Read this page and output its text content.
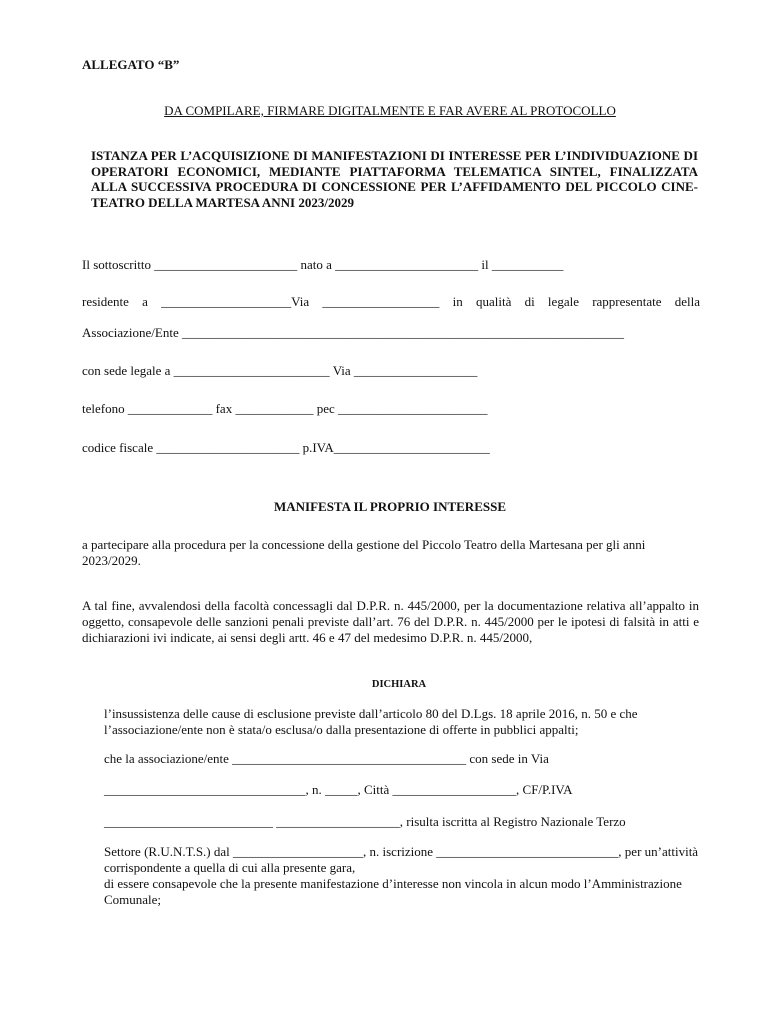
ALLEGATO “B”
DA COMPILARE, FIRMARE DIGITALMENTE E FAR AVERE AL PROTOCOLLO
ISTANZA PER L’ACQUISIZIONE DI MANIFESTAZIONI DI INTERESSE PER L’INDIVIDUAZIONE DI OPERATORI ECONOMICI, MEDIANTE PIATTAFORMA TELEMATICA SINTEL, FINALIZZATA ALLA SUCCESSIVA PROCEDURA DI CONCESSIONE PER L’AFFIDAMENTO DEL PICCOLO CINE-TEATRO DELLA MARTESA ANNI 2023/2029
Il sottoscritto ______________________ nato a ______________________ il ___________
residente a ____________________Via __________________ in qualità di legale rappresentate della
Associazione/Ente ____________________________________________________________________
con sede legale a ________________________ Via ___________________
telefono _____________ fax ____________ pec _______________________
codice fiscale ______________________ p.IVA________________________
MANIFESTA IL PROPRIO INTERESSE
a partecipare alla procedura per la concessione della gestione del Piccolo Teatro della Martesana per gli anni 2023/2029.
A tal fine, avvalendosi della facoltà concessagli dal D.P.R. n. 445/2000, per la documentazione relativa all’appalto in oggetto, consapevole delle sanzioni penali previste dall’art. 76 del D.P.R. n. 445/2000 per le ipotesi di falsità in atti e dichiarazioni ivi indicate, ai sensi degli artt. 46 e 47 del medesimo D.P.R. n. 445/2000,
DICHIARA
l’insussistenza delle cause di esclusione previste dall’articolo 80 del D.Lgs. 18 aprile 2016, n. 50 e che l’associazione/ente non è stata/o esclusa/o dalla presentazione di offerte in pubblici appalti;
che la associazione/ente ____________________________________ con sede in Via
_______________________________, n. _____, Città ___________________, CF/P.IVA
__________________________ ___________________, risulta iscritta al Registro Nazionale Terzo
Settore (R.U.N.T.S.) dal ____________________, n. iscrizione ____________________________, per un’attività corrispondente a quella di cui alla presente gara,
di essere consapevole che la presente manifestazione d’interesse non vincola in alcun modo l’Amministrazione Comunale;
